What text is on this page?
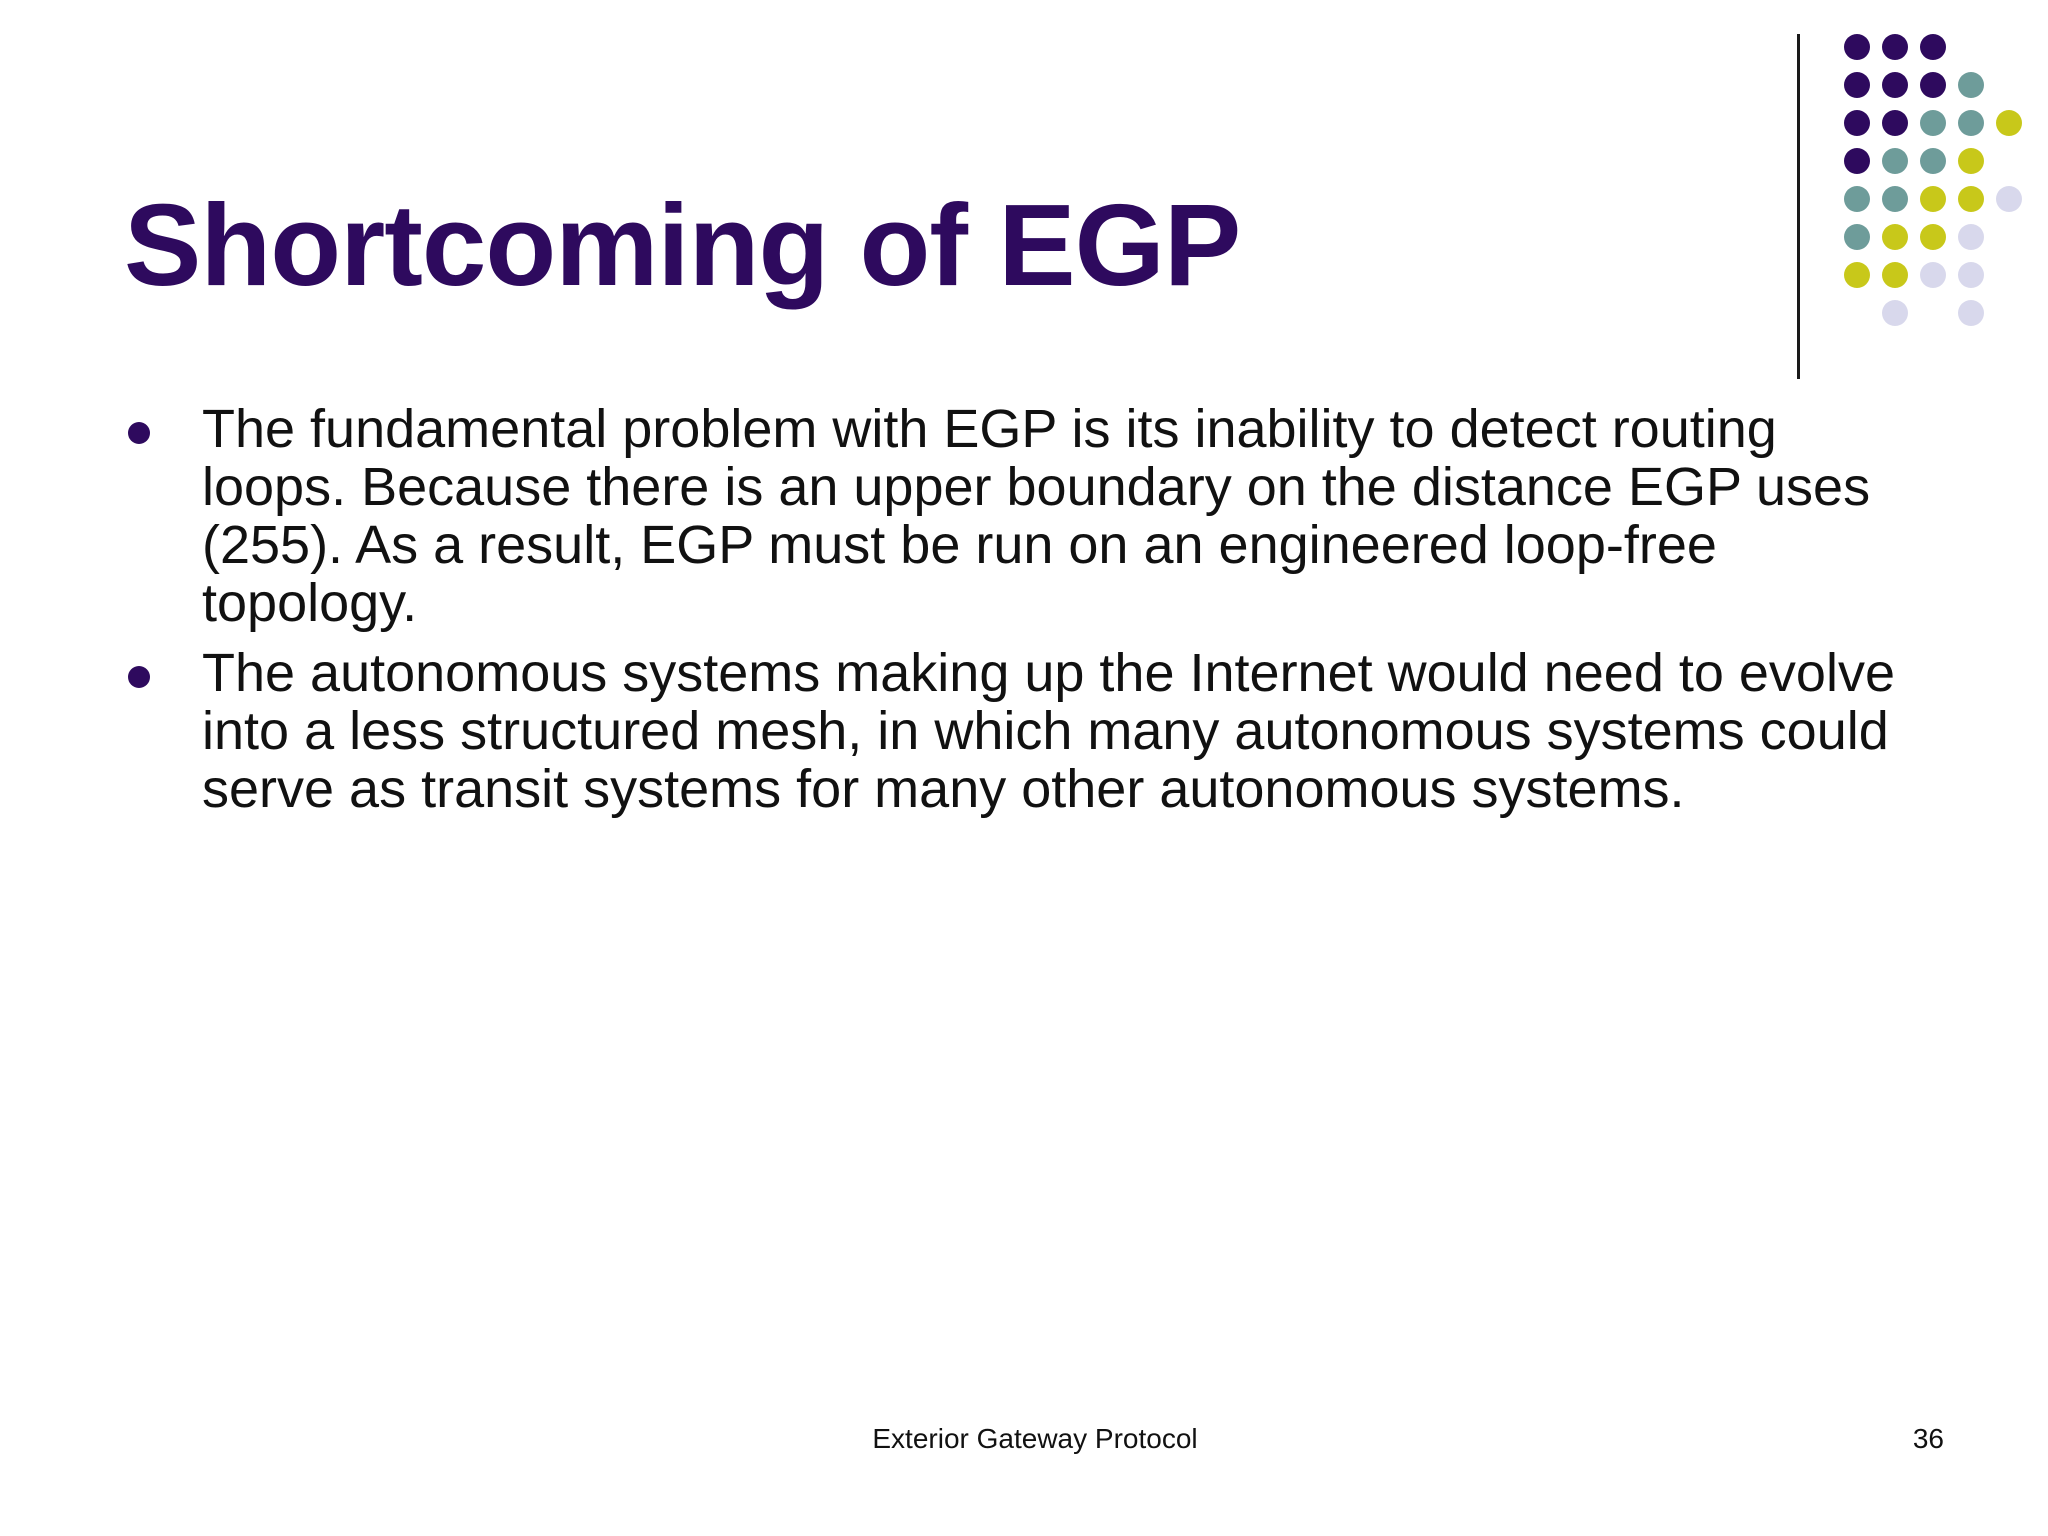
Shortcoming of EGP
The fundamental problem with EGP is its inability to detect routing loops. Because there is an upper boundary on the distance EGP uses (255). As a result, EGP must be run on an engineered loop-free topology.
The autonomous systems making up the Internet would need to evolve into a less structured mesh, in which many autonomous systems could serve as transit systems for many other autonomous systems.
Exterior Gateway Protocol	36
